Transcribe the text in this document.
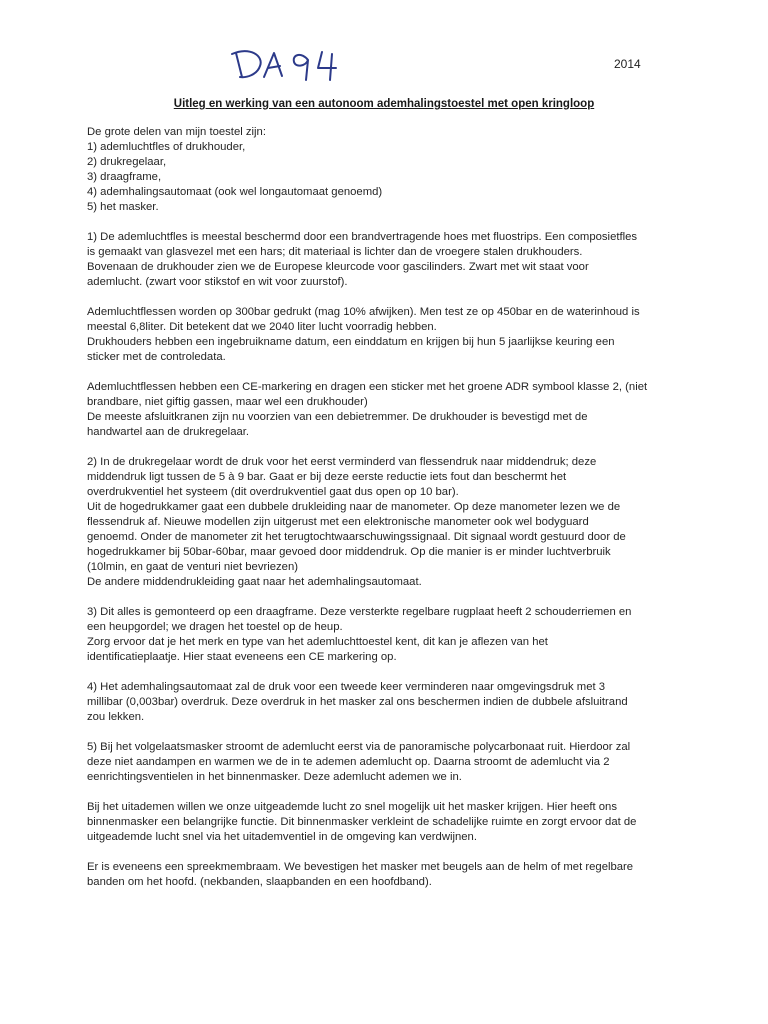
2014
Uitleg en werking van een autonoom ademhalingstoestel met open kringloop
De grote delen van mijn toestel zijn:
1) ademluchtfles of drukhouder,
2) drukregelaar,
3) draagframe,
4) ademhalingsautomaat (ook wel longautomaat genoemd)
5) het masker.
1) De ademluchtfles is meestal beschermd door een brandvertragende hoes met fluostrips. Een composietfles
is gemaakt van glasvezel met een hars; dit materiaal is lichter dan de vroegere stalen drukhouders.
Bovenaan de drukhouder zien we de Europese kleurcode voor gascilinders. Zwart met wit staat voor
ademlucht. (zwart voor stikstof en wit voor zuurstof).
Ademluchtflessen worden op 300bar gedrukt (mag 10% afwijken). Men test ze op 450bar en de waterinhoud is
meestal 6,8liter. Dit betekent dat we 2040 liter lucht voorradig hebben.
Drukhouders hebben een ingebruikname datum, een einddatum en krijgen bij hun 5 jaarlijkse keuring een
sticker met de controledata.
Ademluchtflessen hebben een CE-markering en dragen een sticker met het groene ADR symbool klasse 2, (niet
brandbare, niet giftig gassen, maar wel een drukhouder)
De meeste afsluitkranen zijn nu voorzien van een debietremmer. De drukhouder is bevestigd met de
handwartel aan de drukregelaar.
2) In de drukregelaar wordt de druk voor het eerst verminderd van flessendruk naar middendruk; deze
middendruk ligt tussen de 5 à 9 bar. Gaat er bij deze eerste reductie iets fout dan beschermt het
overdrukventiel het systeem (dit overdrukventiel gaat dus open op 10 bar).
Uit de hogedrukkamer gaat een dubbele drukleiding naar de manometer. Op deze manometer lezen we de
flessendruk af. Nieuwe modellen zijn uitgerust met een elektronische manometer ook wel bodyguard
genoemd. Onder de manometer zit het terugtochtwaarschuwingssignaal. Dit signaal wordt gestuurd door de
hogedrukkamer bij 50bar-60bar, maar gevoed door middendruk. Op die manier is er minder luchtverbruik
(10lmin, en gaat de venturi niet bevriezen)
De andere middendrukleiding gaat naar het ademhalingsautomaat.
3) Dit alles is gemonteerd op een draagframe. Deze versterkte regelbare rugplaat heeft 2 schouderriemen en
een heupgordel; we dragen het toestel op de heup.
Zorg ervoor dat je het merk en type van het ademluchttoestel kent, dit kan je aflezen van het
identificatieplaatje. Hier staat eveneens een CE markering op.
4) Het ademhalingsautomaat zal de druk voor een tweede keer verminderen naar omgevingsdruk met 3
millibar (0,003bar) overdruk. Deze overdruk in het masker zal ons beschermen indien de dubbele afsluitrand
zou lekken.
5) Bij het volgelaatsmasker stroomt de ademlucht eerst via de panoramische polycarbonaat ruit. Hierdoor zal
deze niet aandampen en warmen we de in te ademen ademlucht op. Daarna stroomt de ademlucht via 2
eenrichtingsventielen in het binnenmasker. Deze ademlucht ademen we in.
Bij het uitademen willen we onze uitgeademde lucht zo snel mogelijk uit het masker krijgen. Hier heeft ons
binnenmasker een belangrijke functie. Dit binnenmasker verkleint de schadelijke ruimte en zorgt ervoor dat de
uitgeademde lucht snel via het uitademventiel in de omgeving kan verdwijnen.
Er is eveneens een spreekmembraam. We bevestigen het masker met beugels aan de helm of met regelbare
banden om het hoofd. (nekbanden, slaapbanden en een hoofdband).
